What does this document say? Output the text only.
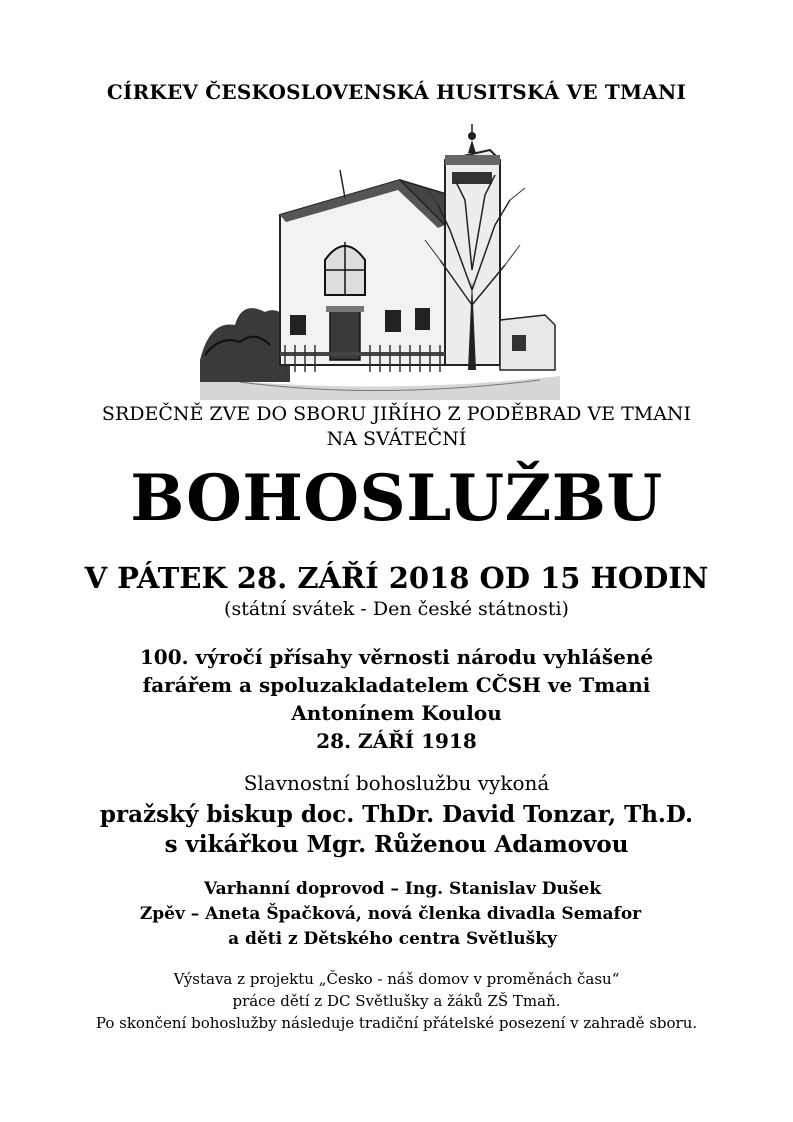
CÍRKEV ČESKOSLOVENSKÁ HUSITSKÁ VE TMANI
SRDEČNĚ ZVE DO SBORU JIŘÍHO Z PODĚBRAD VE TMANI
NA SVÁTEČNÍ
BOHOSLUŽBU
V PÁTEK 28. ZÁŘÍ 2018 OD 15 HODIN
(státní svátek - Den české státnosti)
100. výročí přísahy věrnosti národu vyhlášené
farářem a spoluzakladatelem CČSH ve Tmani
Antonínem Koulou
28. ZÁŘÍ 1918
Slavnostní bohoslužbu vykoná
pražský biskup doc. ThDr. David Tonzar, Th.D.
s vikářkou Mgr. Růženou Adamovou
Varhanní doprovod – Ing. Stanislav Dušek
Zpěv – Aneta Špačková, nová členka divadla Semafor
a děti z Dětského centra Světlušky
Výstava z projektu „Česko - náš domov v proměnách času“
práce dětí z DC Světlušky a žáků ZŠ Tmaň.
Po skončení bohoslužby následuje tradiční přátelské posezení v zahradě sboru.
